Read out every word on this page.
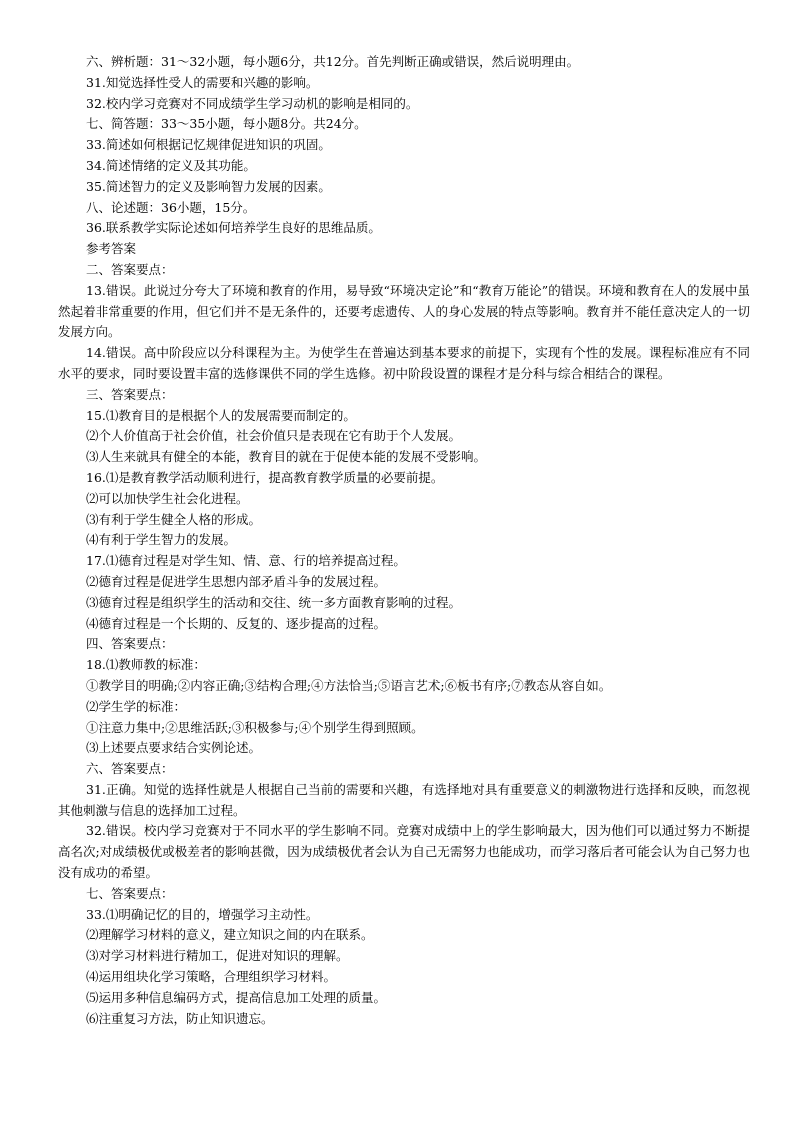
六、辨析题：31～32小题，每小题6分，共12分。首先判断正确或错误，然后说明理由。
31.知觉选择性受人的需要和兴趣的影响。
32.校内学习竞赛对不同成绩学生学习动机的影响是相同的。
七、简答题：33～35小题，每小题8分。共24分。
33.简述如何根据记忆规律促进知识的巩固。
34.简述情绪的定义及其功能。
35.简述智力的定义及影响智力发展的因素。
八、论述题：36小题，15分。
36.联系教学实际论述如何培养学生良好的思维品质。
参考答案
二、答案要点：
13.错误。此说过分夸大了环境和教育的作用，易导致“环境决定论”和“教育万能论”的错误。环境和教育在人的发展中虽然起着非常重要的作用，但它们并不是无条件的，还要考虑遗传、人的身心发展的特点等影响。教育并不能任意决定人的一切发展方向。
14.错误。高中阶段应以分科课程为主。为使学生在普遍达到基本要求的前提下，实现有个性的发展。课程标准应有不同水平的要求，同时要设置丰富的选修课供不同的学生选修。初中阶段设置的课程才是分科与综合相结合的课程。
三、答案要点：
15.⑴教育目的是根据个人的发展需要而制定的。
⑵个人价值高于社会价值，社会价值只是表现在它有助于个人发展。
⑶人生来就具有健全的本能，教育目的就在于促使本能的发展不受影响。
16.⑴是教育教学活动顺利进行，提高教育教学质量的必要前提。
⑵可以加快学生社会化进程。
⑶有利于学生健全人格的形成。
⑷有利于学生智力的发展。
17.⑴德育过程是对学生知、情、意、行的培养提高过程。
⑵德育过程是促进学生思想内部矛盾斗争的发展过程。
⑶德育过程是组织学生的活动和交往、统一多方面教育影响的过程。
⑷德育过程是一个长期的、反复的、逐步提高的过程。
四、答案要点：
18.⑴教师教的标准：
①教学目的明确;②内容正确;③结构合理;④方法恰当;⑤语言艺术;⑥板书有序;⑦教态从容自如。
⑵学生学的标准：
①注意力集中;②思维活跃;③积极参与;④个别学生得到照顾。
⑶上述要点要求结合实例论述。
六、答案要点：
31.正确。知觉的选择性就是人根据自己当前的需要和兴趣，有选择地对具有重要意义的刺激物进行选择和反映，而忽视其他刺激与信息的选择加工过程。
32.错误。校内学习竞赛对于不同水平的学生影响不同。竞赛对成绩中上的学生影响最大，因为他们可以通过努力不断提高名次;对成绩极优或极差者的影响甚微，因为成绩极优者会认为自己无需努力也能成功，而学习落后者可能会认为自己努力也没有成功的希望。
七、答案要点：
33.⑴明确记忆的目的，增强学习主动性。
⑵理解学习材料的意义，建立知识之间的内在联系。
⑶对学习材料进行精加工，促进对知识的理解。
⑷运用组块化学习策略，合理组织学习材料。
⑸运用多种信息编码方式，提高信息加工处理的质量。
⑹注重复习方法，防止知识遗忘。
